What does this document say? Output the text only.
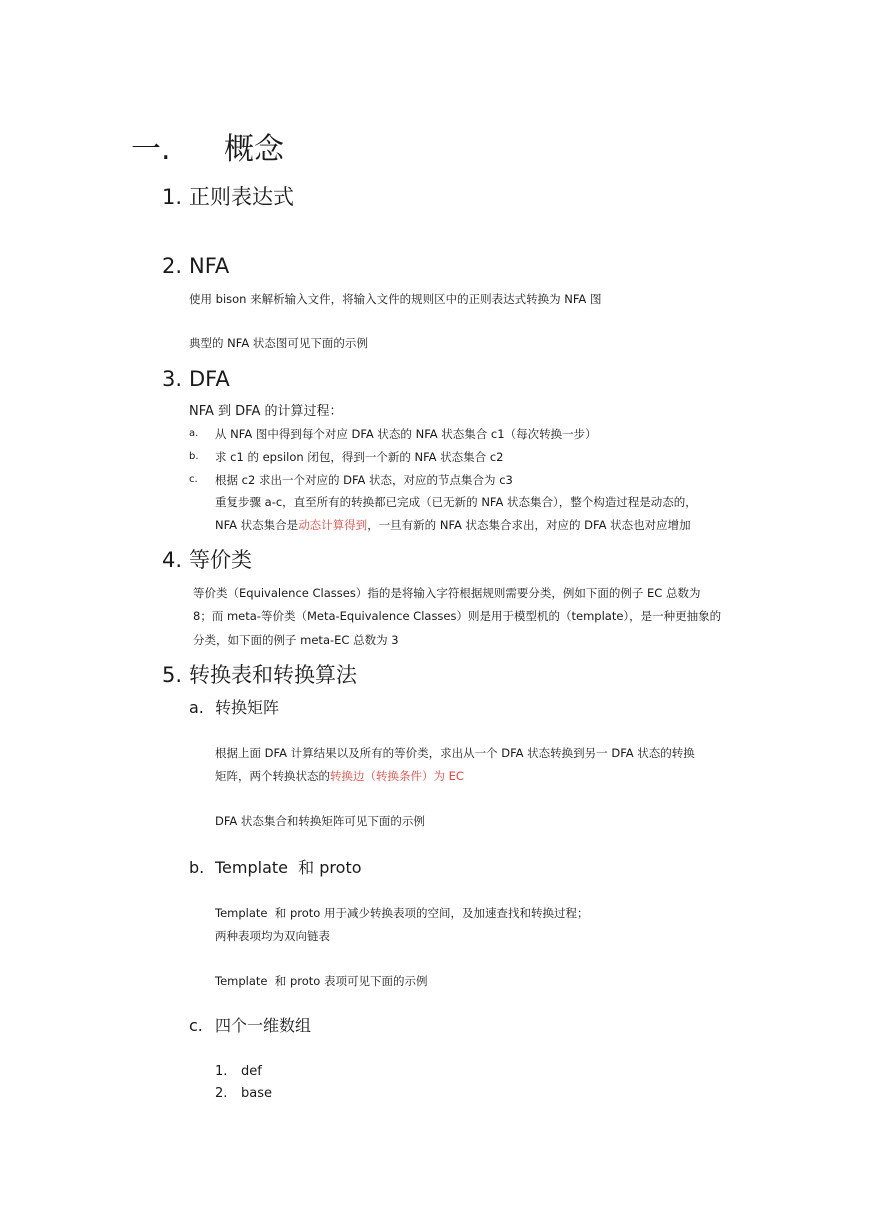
一. 概念
1. 正则表达式
2. NFA
使用 bison 来解析输入文件，将输入文件的规则区中的正则表达式转换为 NFA 图
典型的 NFA 状态图可见下面的示例
3. DFA
NFA 到 DFA 的计算过程：
a. 从 NFA 图中得到每个对应 DFA 状态的 NFA 状态集合 c1（每次转换一步）
b. 求 c1 的 epsilon 闭包，得到一个新的 NFA 状态集合 c2
c. 根据 c2 求出一个对应的 DFA 状态，对应的节点集合为 c3
重复步骤 a-c，直至所有的转换都已完成（已无新的 NFA 状态集合），整个构造过程是动态的，
NFA 状态集合是动态计算得到，一旦有新的 NFA 状态集合求出，对应的 DFA 状态也对应增加
4. 等价类
等价类（Equivalence Classes）指的是将输入字符根据规则需要分类，例如下面的例子 EC 总数为
8；而 meta-等价类（Meta-Equivalence Classes）则是用于模型机的（template），是一种更抽象的
分类，如下面的例子 meta-EC 总数为 3
5. 转换表和转换算法
a. 转换矩阵
根据上面 DFA 计算结果以及所有的等价类，求出从一个 DFA 状态转换到另一 DFA 状态的转换
矩阵，两个转换状态的转换边（转换条件）为 EC
DFA 状态集合和转换矩阵可见下面的示例
b. Template  和 proto
Template  和 proto 用于减少转换表项的空间，及加速查找和转换过程；
两种表项均为双向链表
Template  和 proto 表项可见下面的示例
c. 四个一维数组
1. def
2. base
